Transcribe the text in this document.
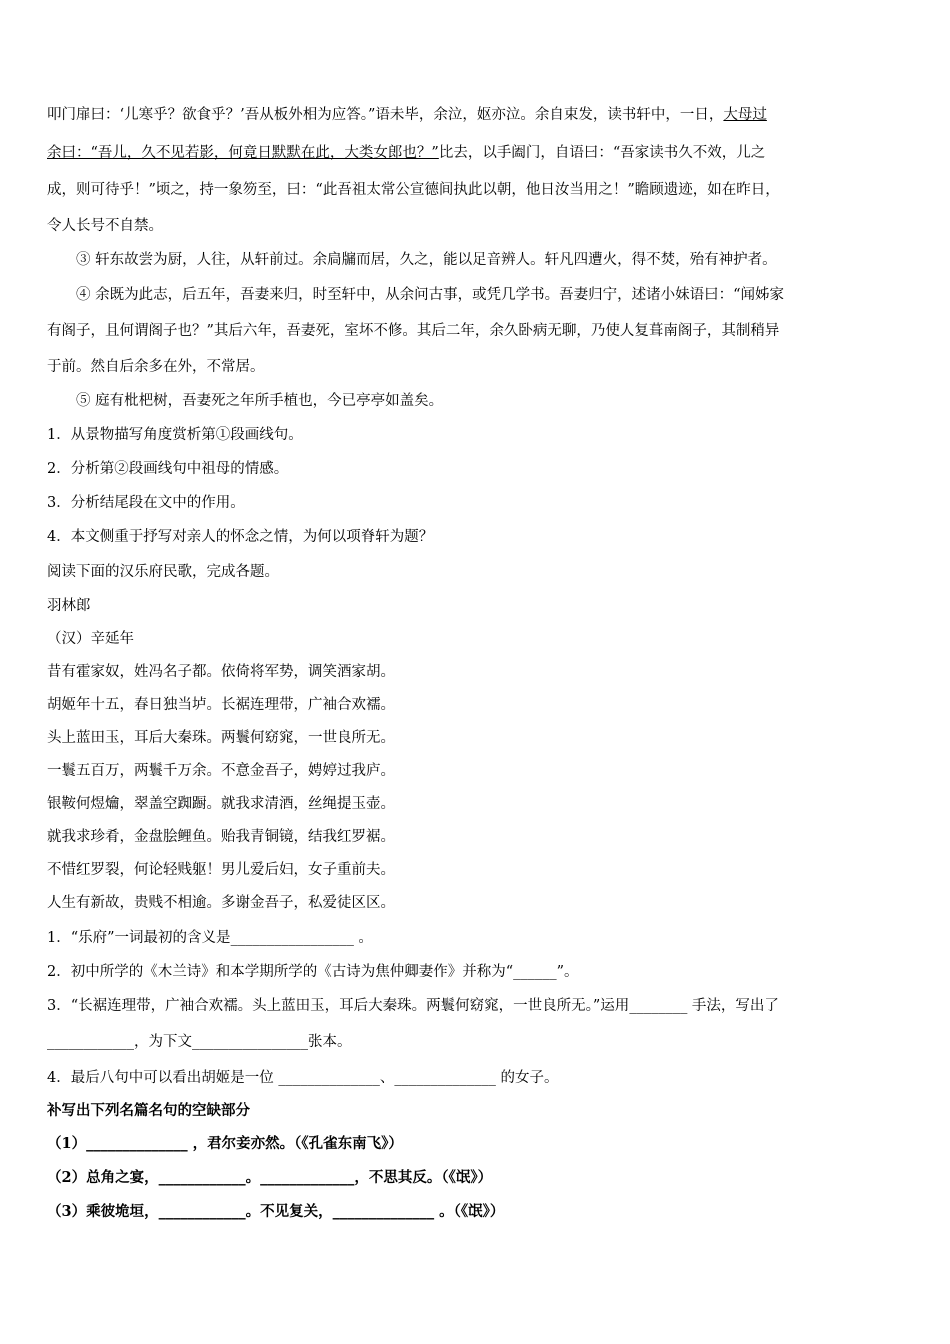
叩门扉曰：‘儿寒乎？欲食乎？’吾从板外相为应答。”语未毕，余泣，妪亦泣。余自束发，读书轩中，一日，大母过
余曰：“吾儿，久不见若影，何竟日默默在此，大类女郎也？”比去，以手阖门，自语曰：“吾家读书久不效，儿之
成，则可待乎！”顷之，持一象笏至，曰：“此吾祖太常公宣德间执此以朝，他日汝当用之！”瞻顾遗迹，如在昨日，
令人长号不自禁。
③ 轩东故尝为厨，人往，从轩前过。余扃牖而居，久之，能以足音辨人。轩凡四遭火，得不焚，殆有神护者。
④ 余既为此志，后五年，吾妻来归，时至轩中，从余问古事，或凭几学书。吾妻归宁，述诸小妹语曰：“闻姊家
有阁子，且何谓阁子也？”其后六年，吾妻死，室坏不修。其后二年，余久卧病无聊，乃使人复葺南阁子，其制稍异
于前。然自后余多在外，不常居。
⑤ 庭有枇杷树，吾妻死之年所手植也，今已亭亭如盖矣。
1．从景物描写角度赏析第①段画线句。
2．分析第②段画线句中祖母的情感。
3．分析结尾段在文中的作用。
4．本文侧重于抒写对亲人的怀念之情，为何以项脊轩为题？
阅读下面的汉乐府民歌，完成各题。
羽林郎
（汉）辛延年
昔有霍家奴，姓冯名子都。依倚将军势，调笑酒家胡。
胡姬年十五，春日独当垆。长裾连理带，广袖合欢襦。
头上蓝田玉，耳后大秦珠。两鬟何窈窕，一世良所无。
一鬟五百万，两鬟千万余。不意金吾子，娉婷过我庐。
银鞍何煜爚，翠盖空踟蹰。就我求清酒，丝绳提玉壶。
就我求珍肴，金盘脍鲤鱼。贻我青铜镜，结我红罗裾。
不惜红罗裂，何论轻贱躯！男儿爱后妇，女子重前夫。
人生有新故，贵贱不相逾。多谢金吾子，私爱徒区区。
1．“乐府”一词最初的含义是_________________ 。
2．初中所学的《木兰诗》和本学期所学的《古诗为焦仲卿妻作》并称为“______”。
3．“长裾连理带，广袖合欢襦。头上蓝田玉，耳后大秦珠。两鬟何窈窕，一世良所无。”运用________ 手法，写出了
____________，为下文________________张本。
4．最后八句中可以看出胡姬是一位 ______________、______________ 的女子。
补写出下列名篇名句的空缺部分
（1）______________ ，君尔妾亦然。（《孔雀东南飞》）
（2）总角之宴，____________。_____________，不思其反。（《氓》）
（3）乘彼垝垣，____________。不见复关，______________ 。（《氓》）
